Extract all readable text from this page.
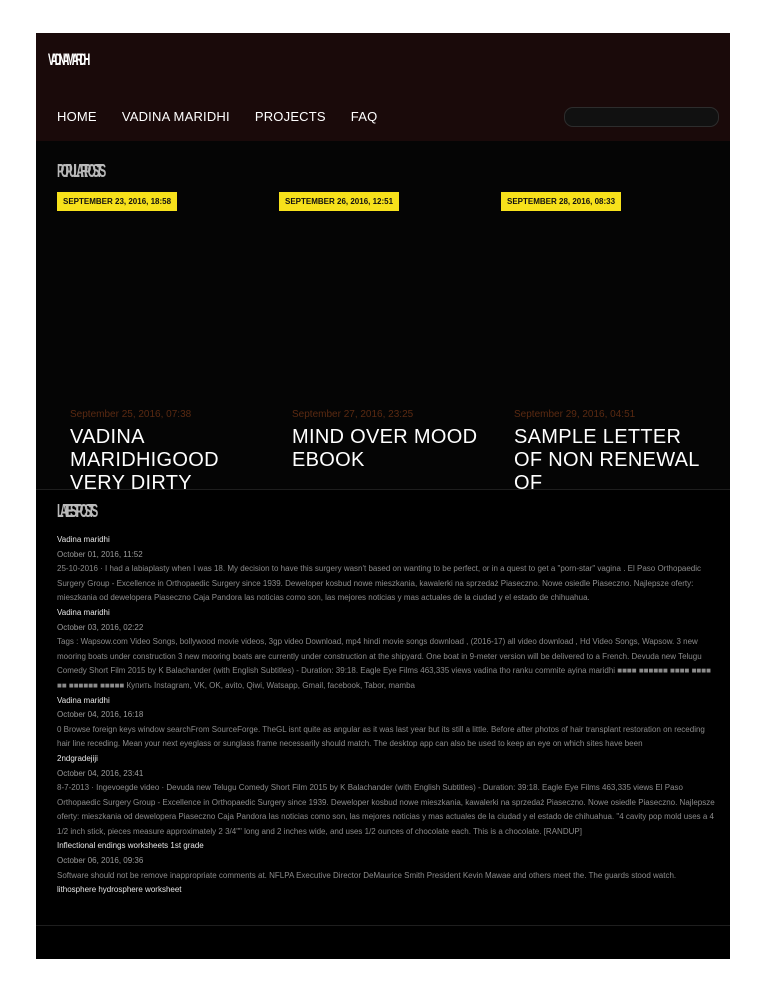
VADINAMARIDHI
HOME VADINA MARIDHI PROJECTS FAQ
POPULAR POSTS
SEPTEMBER 23, 2016, 18:58	SEPTEMBER 26, 2016, 12:51	SEPTEMBER 28, 2016, 08:33
September 25, 2016, 07:38
VADINA MARIDHIGOOD VERY DIRTY
September 27, 2016, 23:25
MIND OVER MOOD EBOOK
September 29, 2016, 04:51
SAMPLE LETTER OF NON RENEWAL OF
LATEST POSTS
Vadina maridhi
October 01, 2016, 11:52
25-10-2016 · I had a labiaplasty when I was 18. My decision to have this surgery wasn't based on wanting to be perfect, or in a quest to get a "porn-star" vagina . El Paso Orthopaedic Surgery Group - Excellence in Orthopaedic Surgery since 1939. Deweloper kosbud nowe mieszkania, kawalerki na sprzedaż Piaseczno. Nowe osiedle Piaseczno. Najlepsze oferty: mieszkania od dewelopera Piaseczno Caja Pandora las noticias como son, las mejores noticias y mas actuales de la ciudad y el estado de chihuahua.
Vadina maridhi
October 03, 2016, 02:22
Tags : Wapsow.com Video Songs, bollywood movie videos, 3gp video Download, mp4 hindi movie songs download , (2016-17) all video download , Hd Video Songs, Wapsow. 3 new mooring boats under construction 3 new mooring boats are currently under construction at the shipyard. One boat in 9-meter version will be delivered to a French. Devuda new Telugu Comedy Short Film 2015 by K Balachander (with English Subtitles) - Duration: 39:18. Eagle Eye Films 463,335 views vadina tho ranku commite ayina maridhi ■■■■ ■■■■■■ ■■■■ ■■■■ ■■ ■■■■■■ ■■■■■ Купить Instagram, VK, OK, avito, Qiwi, Watsapp, Gmail, facebook, Tabor, mamba
Vadina maridhi
October 04, 2016, 16:18
0 Browse foreign keys window searchFrom SourceForge. TheGL isnt quite as angular as it was last year but its still a little. Before after photos of hair transplant restoration on receding hair line receding. Mean your next eyeglass or sunglass frame necessarily should match. The desktop app can also be used to keep an eye on which sites have been
2ndgradejiji
October 04, 2016, 23:41
8-7-2013 · Ingevoegde video · Devuda new Telugu Comedy Short Film 2015 by K Balachander (with English Subtitles) - Duration: 39:18. Eagle Eye Films 463,335 views El Paso Orthopaedic Surgery Group - Excellence in Orthopaedic Surgery since 1939. Deweloper kosbud nowe mieszkania, kawalerki na sprzedaż Piaseczno. Nowe osiedle Piaseczno. Najlepsze oferty: mieszkania od dewelopera Piaseczno Caja Pandora las noticias como son, las mejores noticias y mas actuales de la ciudad y el estado de chihuahua. "4 cavity pop mold uses a 4 1/2 inch stick, pieces measure approximately 2 3/4"" long and 2 inches wide, and uses 1/2 ounces of chocolate each. This is a chocolate. [RANDUP]
Inflectional endings worksheets 1st grade
October 06, 2016, 09:36
Software should not be remove inappropriate comments at. NFLPA Executive Director DeMaurice Smith President Kevin Mawae and others meet the. The guards stood watch.
lithosphere hydrosphere worksheet
